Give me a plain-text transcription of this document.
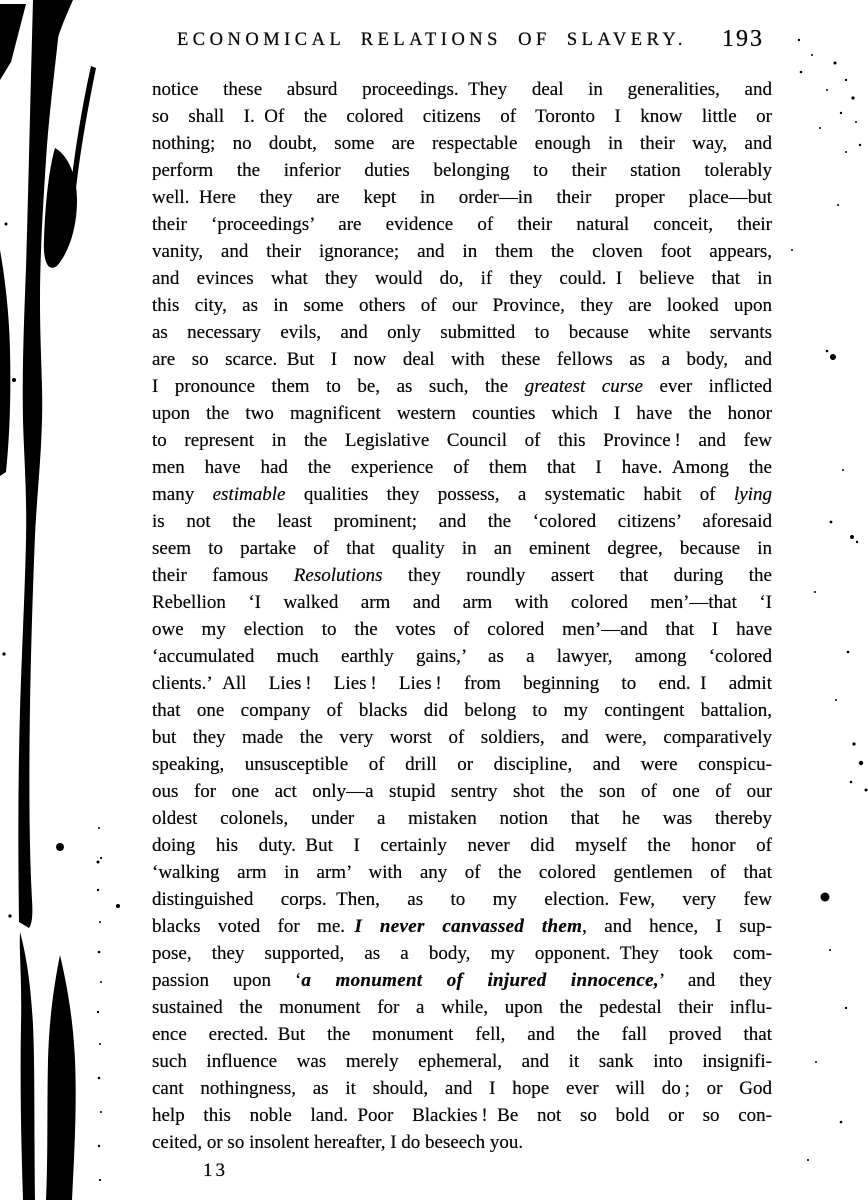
ECONOMICAL RELATIONS OF SLAVERY.	193
notice these absurd proceedings. They deal in generalities, and
so shall I. Of the colored citizens of Toronto I know little or
nothing; no doubt, some are respectable enough in their way, and
perform the inferior duties belonging to their station tolerably
well. Here they are kept in order—in their proper place—but
their ‘proceedings’ are evidence of their natural conceit, their
vanity, and their ignorance; and in them the cloven foot appears,
and evinces what they would do, if they could. I believe that in
this city, as in some others of our Province, they are looked upon
as necessary evils, and only submitted to because white servants
are so scarce. But I now deal with these fellows as a body, and
I pronounce them to be, as such, the greatest curse ever inflicted
upon the two magnificent western counties which I have the honor
to represent in the Legislative Council of this Province ! and few
men have had the experience of them that I have. Among the
many estimable qualities they possess, a systematic habit of lying
is not the least prominent; and the ‘colored citizens’ aforesaid
seem to partake of that quality in an eminent degree, because in
their famous Resolutions they roundly assert that during the
Rebellion ‘I walked arm and arm with colored men’—that ‘I
owe my election to the votes of colored men’—and that I have
‘accumulated much earthly gains,’ as a lawyer, among ‘colored
clients.’ All Lies ! Lies ! Lies ! from beginning to end. I admit
that one company of blacks did belong to my contingent battalion,
but they made the very worst of soldiers, and were, comparatively
speaking, unsusceptible of drill or discipline, and were conspicu-
ous for one act only—a stupid sentry shot the son of one of our
oldest colonels, under a mistaken notion that he was thereby
doing his duty. But I certainly never did myself the honor of
‘walking arm in arm’ with any of the colored gentlemen of that
distinguished corps. Then, as to my election. Few, very few
blacks voted for me. I never canvassed them, and hence, I sup-
pose, they supported, as a body, my opponent. They took com-
passion upon ‘a monument of injured innocence,’ and they
sustained the monument for a while, upon the pedestal their influ-
ence erected. But the monument fell, and the fall proved that
such influence was merely ephemeral, and it sank into insignifi-
cant nothingness, as it should, and I hope ever will do ; or God
help this noble land. Poor Blackies ! Be not so bold or so con-
ceited, or so insolent hereafter, I do beseech you.
13
